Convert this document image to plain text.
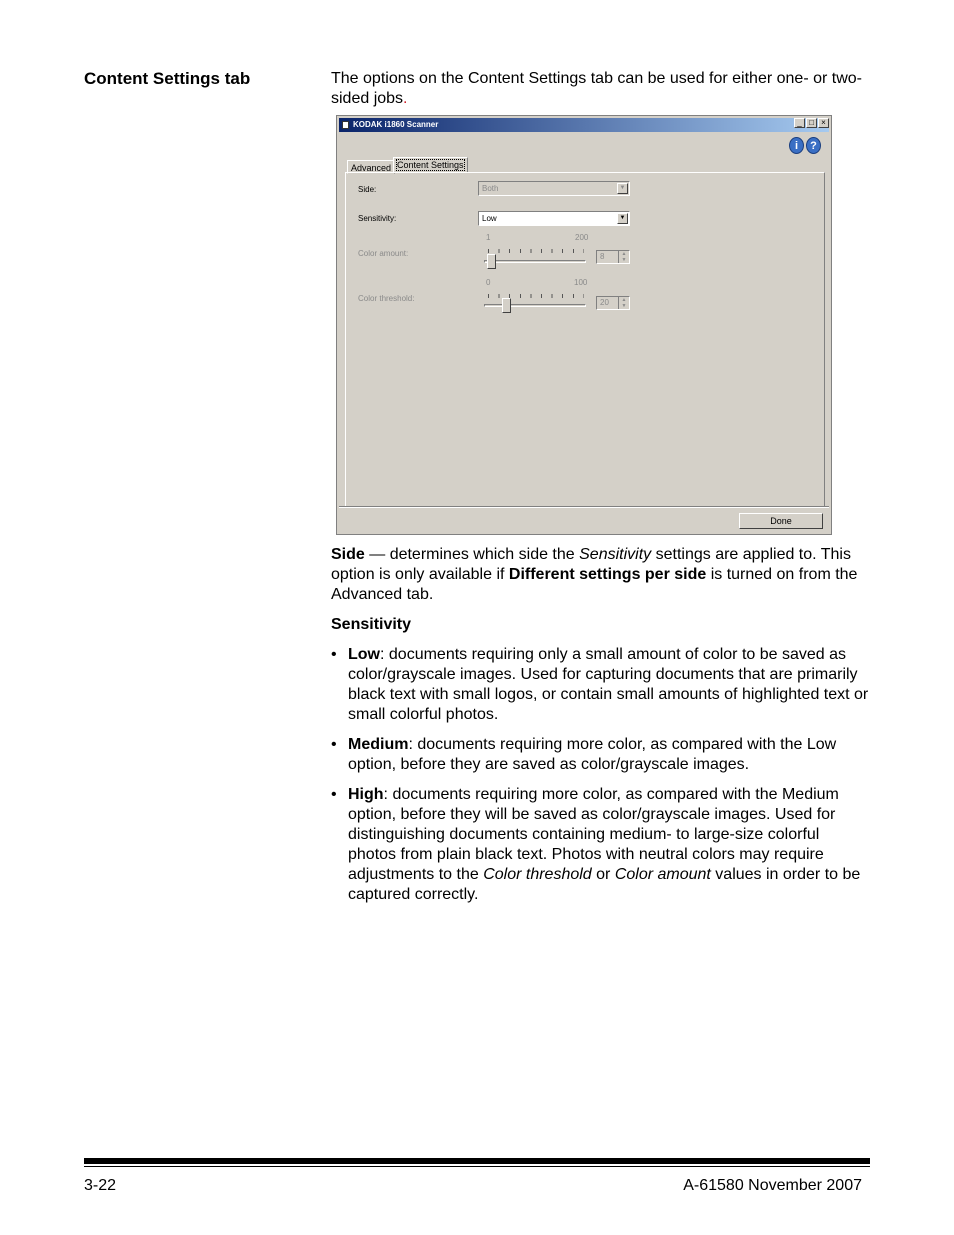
Content Settings tab	The options on the Content Settings tab can be used for either one- or two-sided jobs.
KODAK i1860 Scanner	_ □ ×
i	?
Advanced Content Settings
Side:	Both	▼
Sensitivity:	Low	▼
1	200
Color amount:	8	▲
▼
0	100
Color threshold:	20	▲
▼
Done
Side — determines which side the Sensitivity settings are applied to. This option is only available if Different settings per side is turned on from the Advanced tab.
Sensitivity
• Low: documents requiring only a small amount of color to be saved as color/grayscale images. Used for capturing documents that are primarily black text with small logos, or contain small amounts of highlighted text or small colorful photos.
• Medium: documents requiring more color, as compared with the Low option, before they are saved as color/grayscale images.
• High: documents requiring more color, as compared with the Medium option, before they will be saved as color/grayscale images. Used for distinguishing documents containing medium- to large-size colorful photos from plain black text. Photos with neutral colors may require adjustments to the Color threshold or Color amount values in order to be captured correctly.
3-22	A-61580 November 2007
